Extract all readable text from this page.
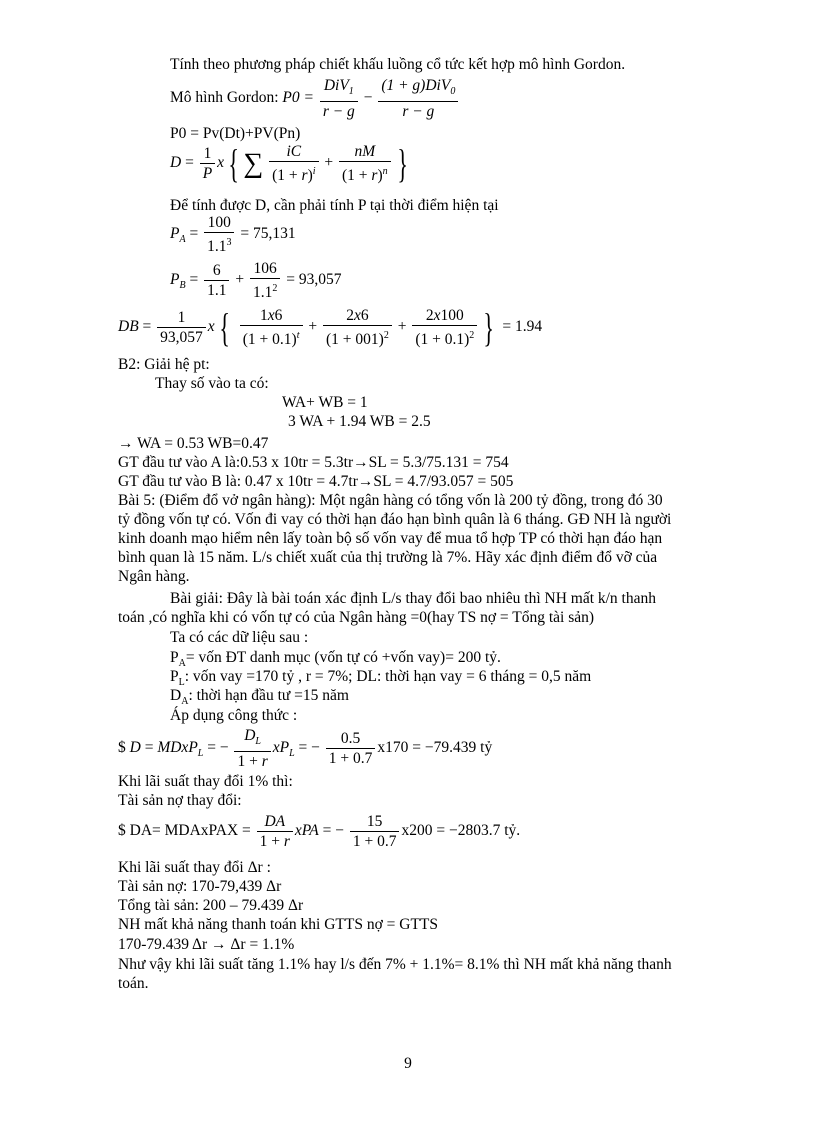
Tính theo phương pháp chiết khấu luồng cổ tức kết hợp mô hình Gordon.
Mô hình Gordon: $P0 = \frac{DiV_1}{r - g} - \frac{(1 + g)DiV_0}{r - g}$
P0 = Pv(Dt)+PV(Pn)
$D = \frac{1}{P}$ x { ∑ $\frac{iC}{(1 + r)^i} + \frac{nM}{(1 + r)^n}$ }
Để tính được D, cần phải tính P tại thời điểm hiện tại
$P_A = \frac{100}{1.1^3} = 75,131$
$P_B = \frac{6}{1.1} + \frac{106}{1.1^2} = 93,057$
DB = $\frac{1}{93,057}$ x { $\frac{1x6}{(1 + 0.1)^t} + \frac{2x6}{(1 + 001)^2} + \frac{2x100}{(1 + 0.1)^2}$ } = 1.94
B2: Giải hệ pt:
Thay số vào ta có:
WA+ WB = 1
3 WA + 1.94 WB = 2.5
→ WA = 0.53 WB=0.47
GT đầu tư vào A là:0.53 x 10tr = 5.3tr→SL = 5.3/75.131 = 754
GT đầu tư vào B là: 0.47 x 10tr = 4.7tr→SL = 4.7/93.057 = 505
Bài 5: (Điểm đổ vở ngân hàng): Một ngân hàng có tổng vốn là 200 tỷ đồng, trong đó 30
tỷ đồng vốn tự có. Vốn đi vay có thời hạn đáo hạn bình quân là 6 tháng. GĐ NH là người
kinh doanh mạo hiểm nên lấy toàn bộ số vốn vay để mua tổ hợp TP có thời hạn đáo hạn
bình quan là 15 năm. L/s chiết xuất của thị trường là 7%. Hãy xác định điểm đổ vỡ của
Ngân hàng.
Bài giải: Đây là bài toán xác định L/s thay đổi bao nhiêu thì NH mất k/n thanh
toán ,có nghĩa khi có vốn tự có của Ngân hàng =0(hay TS nợ = Tổng tài sản)
Ta có các dữ liệu sau :
$P_A=$ vốn ĐT danh mục (vốn tự có +vốn vay)= 200 tỷ.
$P_L$: vốn vay =170 tỷ , r = 7%; DL: thời hạn vay = 6 tháng = 0,5 năm
$D_A$: thời hạn đầu tư =15 năm
Áp dụng công thức :
$ D = MDxP$_L$ = − $\frac{D_L}{1 + r} xP_L$ = − $\frac{0.5}{1 + 0.7} x170 = -79.439$ tỷ
Khi lãi suất thay đổi 1% thì:
Tài sản nợ thay đổi:
$ DA= MDAxPAX = $\frac{DA}{1 + r}$ xPA = − $\frac{15}{1 + 0.7} x200 = -2803.7$ tỷ.
Khi lãi suất thay đổi Δr :
Tài sản nợ: 170-79,439 Δr
Tổng tài sản: 200 – 79.439 Δr
NH mất khả năng thanh toán khi GTTS nợ = GTTS
170-79.439 Δr → Δr = 1.1%
Như vậy khi lãi suất tăng 1.1% hay l/s đến 7% + 1.1%= 8.1% thì NH mất khả năng thanh
toán.
9
